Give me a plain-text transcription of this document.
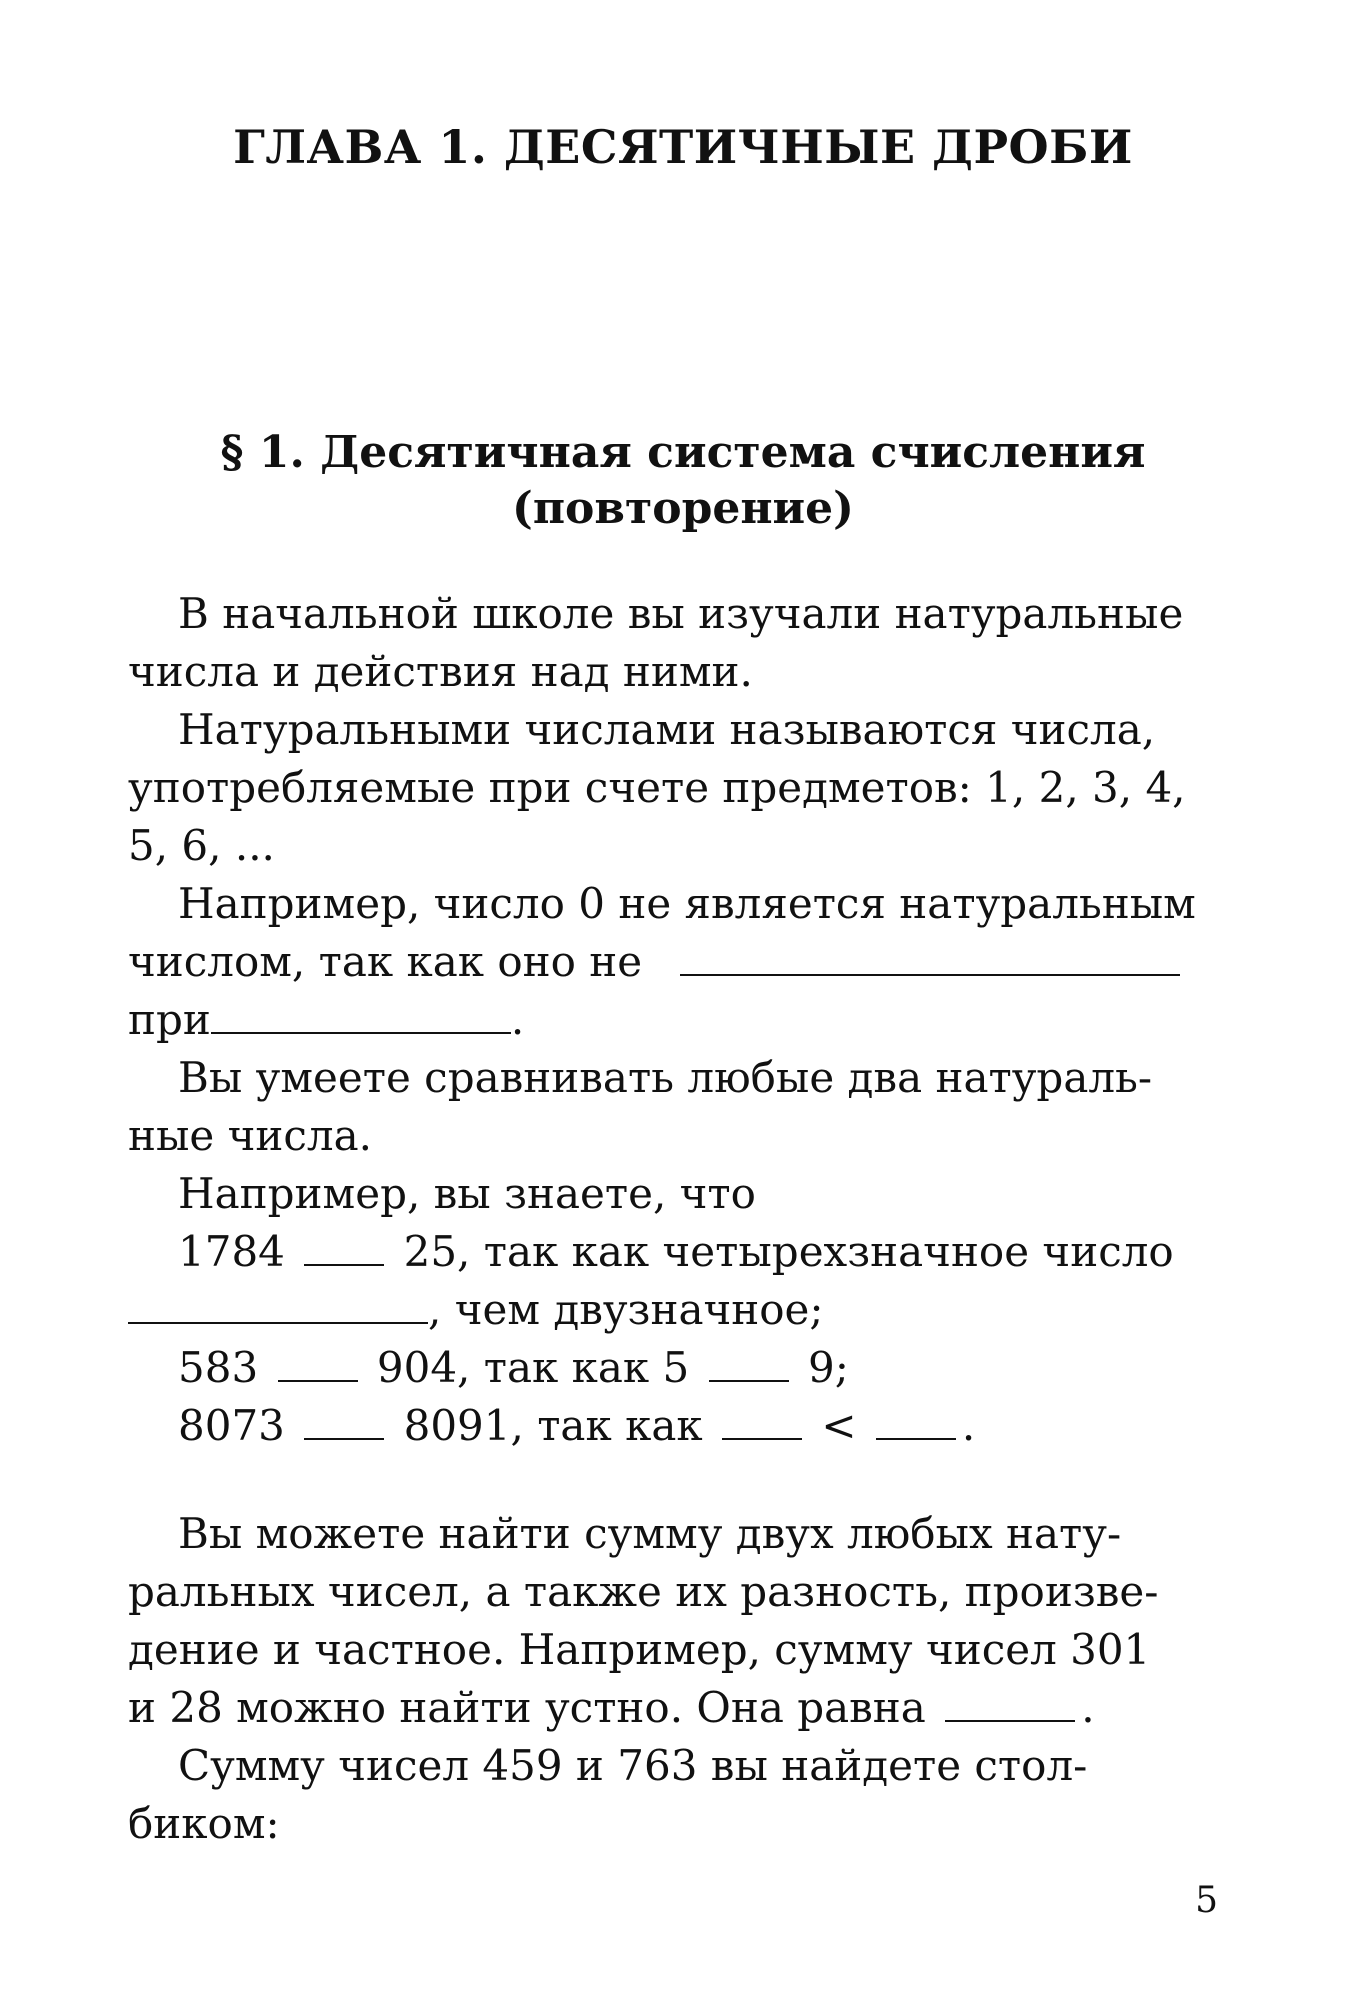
ГЛАВА 1. ДЕСЯТИЧНЫЕ ДРОБИ
§ 1. Десятичная система счисления
(повторение)
В начальной школе вы изучали натуральные
числа и действия над ними.
Натуральными числами называются числа,
употребляемые при счете предметов: 1, 2, 3, 4,
5, 6, ...
Например, число 0 не является натуральным
числом, так как оно не
при	.
Вы умеете сравнивать любые два натураль-
ные числа.
Например, вы знаете, что
1784	25, так как четырехзначное число
, чем двузначное;
583	904, так как 5	9;
8073	8091, так как	<	.
Вы можете найти сумму двух любых нату-
ральных чисел, а также их разность, произве-
дение и частное. Например, сумму чисел 301
и 28 можно найти устно. Она равна	.
Сумму чисел 459 и 763 вы найдете стол-
биком:
5
